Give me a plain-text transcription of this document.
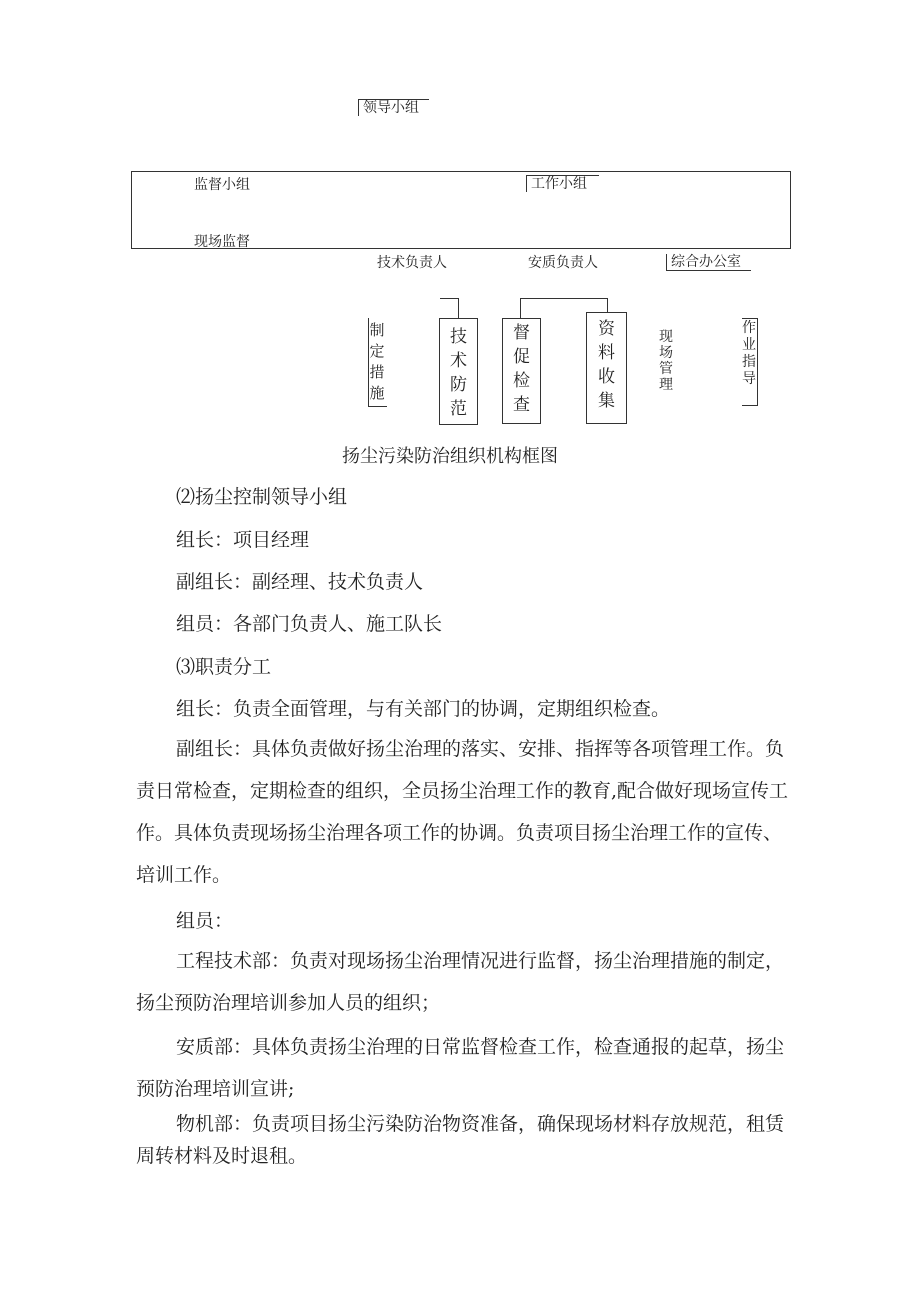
领导小组
监督小组	工作小组
现场监督
技术负责人	安质负责人	综合办公室
制定措施
技术防范
督促检查
资料收集
现场管理
作业指导
扬尘污染防治组织机构框图
⑵扬尘控制领导小组
组长：项目经理
副组长：副经理、技术负责人
组员：各部门负责人、施工队长
⑶职责分工
组长：负责全面管理，与有关部门的协调，定期组织检查。
副组长：具体负责做好扬尘治理的落实、安排、指挥等各项管理工作。负责日常检查，定期检查的组织，全员扬尘治理工作的教育,配合做好现场宣传工作。具体负责现场扬尘治理各项工作的协调。负责项目扬尘治理工作的宣传、培训工作。
组员：
工程技术部：负责对现场扬尘治理情况进行监督，扬尘治理措施的制定，扬尘预防治理培训参加人员的组织；
安质部：具体负责扬尘治理的日常监督检查工作，检查通报的起草，扬尘预防治理培训宣讲;
物机部：负责项目扬尘污染防治物资准备，确保现场材料存放规范，租赁周转材料及时退租。
